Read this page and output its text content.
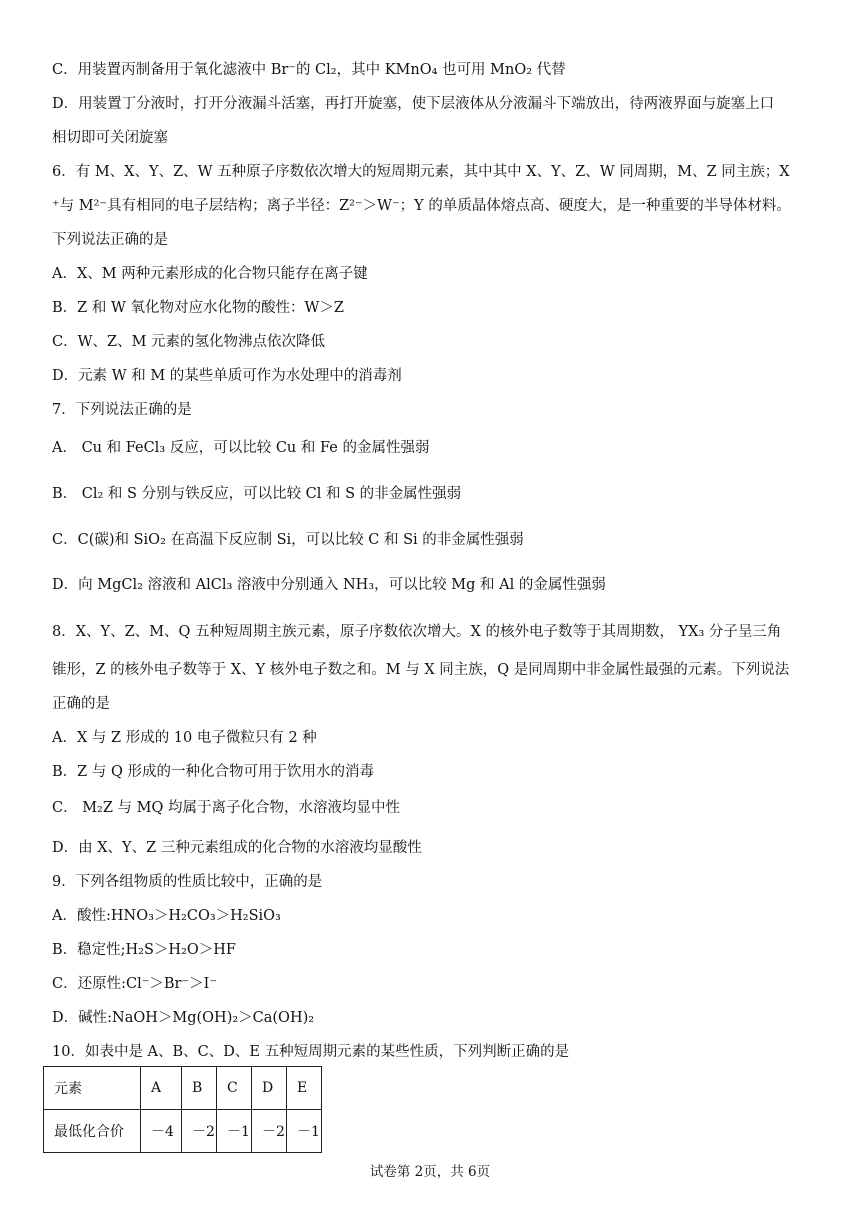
C．用装置丙制备用于氧化滤液中 Br⁻的 Cl₂，其中 KMnO₄ 也可用 MnO₂ 代替
D．用装置丁分液时，打开分液漏斗活塞，再打开旋塞，使下层液体从分液漏斗下端放出，待两液界面与旋塞上口
相切即可关闭旋塞
6．有 M、X、Y、Z、W 五种原子序数依次增大的短周期元素，其中其中 X、Y、Z、W 同周期，M、Z 同主族；X
⁺与 M²⁻具有相同的电子层结构；离子半径：Z²⁻＞W⁻；Y 的单质晶体熔点高、硬度大，是一种重要的半导体材料。
下列说法正确的是
A．X、M 两种元素形成的化合物只能存在离子键
B．Z 和 W 氧化物对应水化物的酸性：W＞Z
C．W、Z、M 元素的氢化物沸点依次降低
D．元素 W 和 M 的某些单质可作为水处理中的消毒剂
7．下列说法正确的是
A． Cu 和 FeCl₃ 反应，可以比较 Cu 和 Fe 的金属性强弱
B． Cl₂ 和 S 分别与铁反应，可以比较 Cl 和 S 的非金属性强弱
C．C(碳)和 SiO₂ 在高温下反应制 Si，可以比较 C 和 Si 的非金属性强弱
D．向 MgCl₂ 溶液和 AlCl₃ 溶液中分别通入 NH₃，可以比较 Mg 和 Al 的金属性强弱
8．X、Y、Z、M、Q 五种短周期主族元素，原子序数依次增大。X 的核外电子数等于其周期数， YX₃ 分子呈三角
锥形，Z 的核外电子数等于 X、Y 核外电子数之和。M 与 X 同主族，Q 是同周期中非金属性最强的元素。下列说法
正确的是
A．X 与 Z 形成的 10 电子微粒只有 2 种
B．Z 与 Q 形成的一种化合物可用于饮用水的消毒
C． M₂Z 与 MQ 均属于离子化合物，水溶液均显中性
D．由 X、Y、Z 三种元素组成的化合物的水溶液均显酸性
9．下列各组物质的性质比较中，正确的是
A．酸性:HNO₃＞H₂CO₃＞H₂SiO₃
B．稳定性;H₂S＞H₂O＞HF
C．还原性:Cl⁻＞Br⁻＞I⁻
D．碱性:NaOH＞Mg(OH)₂＞Ca(OH)₂
10．如表中是 A、B、C、D、E 五种短周期元素的某些性质，下列判断正确的是
元素	A	B	C	D	E
最低化合价	－4	－2	－1	－2	－1
试卷第 2页，共 6页
